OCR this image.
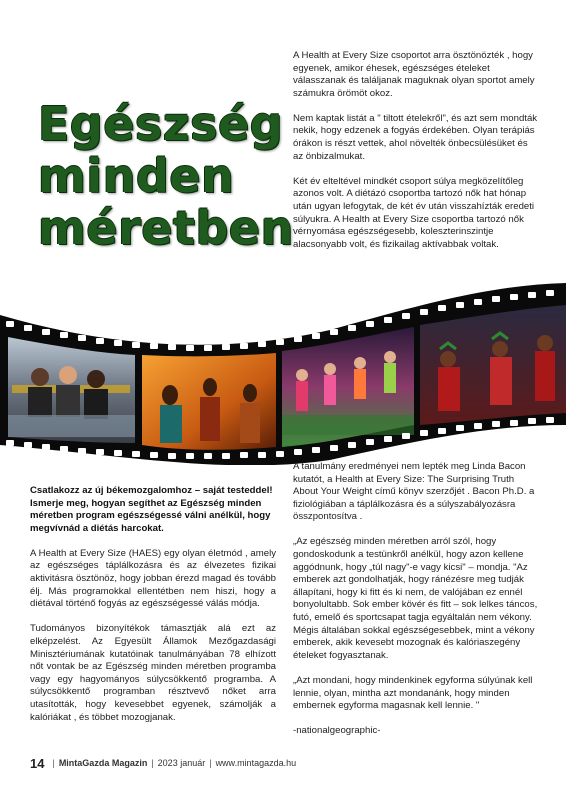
Egészség
minden
méretben

A Health at Every Size csoportot arra ösztönözték , hogy egyenek, amikor éhesek, egészséges ételeket válasszanak és találjanak maguknak olyan sportot amely számukra örömöt okoz.

Nem kaptak listát a " tiltott ételekről", és azt sem mondták nekik, hogy edzenek a fogyás érdekében. Olyan terápiás órákon is részt vettek, ahol növelték önbecsülésüket és az önbizalmukat.

Két év elteltével mindkét csoport súlya megközelítőleg azonos volt. A diétázó csoportba tartozó nők hat hónap után ugyan lefogytak, de két év után visszahízták eredeti súlyukra. A Health at Every Size csoportba tartozó nők vérnyomása egészségesebb, koleszterinszintje alacsonyabb volt, és fizikailag aktívabbak voltak.

Csatlakozz az új békemozgalomhoz – saját testeddel! Ismerje meg, hogyan segíthet az Egészség minden méretben program egészségessé válni anélkül, hogy megvívnád a diétás harcokat.

A Health at Every Size (HAES) egy olyan életmód , amely az egészséges táplálkozásra és az élvezetes fizikai aktivitásra ösztönöz, hogy jobban érezd magad és tovább élj. Más programokkal ellentétben nem hiszi, hogy a diétával történő fogyás az egészségessé válás módja.

Tudományos bizonyítékok támasztják alá ezt az elképzelést. Az Egyesült Államok Mezőgazdasági Minisztériumának kutatóinak tanulmányában 78 elhízott nőt vontak be az Egészség minden méretben programba vagy egy hagyományos súlycsökkentő programba. A súlycsökkentő programban résztvevő nőket arra utasították, hogy kevesebbet egyenek, számolják a kalóriákat , és többet mozogjanak.

A tanulmány eredményei nem lepték meg Linda Bacon kutatót, a Health at Every Size: The Surprising Truth About Your Weight című könyv szerzőjét . Bacon Ph.D. a fiziológiában a táplálkozásra és a súlyszabályozásra összpontosítva .

„Az egészség minden méretben arról szól, hogy gondoskodunk a testünkről anélkül, hogy azon kellene aggódnunk, hogy „túl nagy"-e vagy kicsi" – mondja. "Az emberek azt gondolhatják, hogy ránézésre meg tudják állapítani, hogy ki fitt és ki nem, de valójában ez ennél bonyolultabb. Sok ember kövér és fitt – sok lelkes táncos, futó, emelő és sportcsapat tagja egyáltalán nem vékony. Mégis általában sokkal egészségesebbek, mint a vékony emberek, akik kevesebt mozognak és kalóriaszegény ételeket fogyasztanak.

„Azt mondani, hogy mindenkinek egyforma súlyúnak kell lennie, olyan, mintha azt mondanánk, hogy minden embernek egyforma magasnak kell lennie. "

-nationalgeographic-

14 | MintaGazda Magazin | 2023 január | www.mintagazda.hu
